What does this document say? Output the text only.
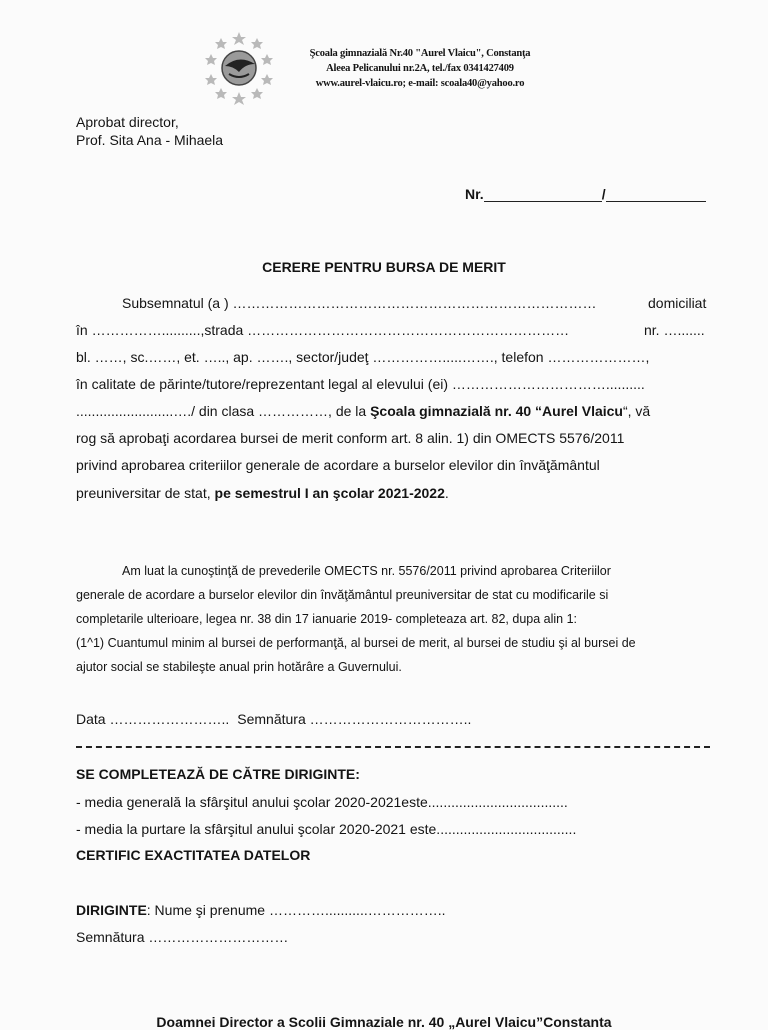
Şcoala gimnazială Nr.40 "Aurel Vlaicu", Constanţa
Aleea Pelicanului nr.2A, tel./fax 0341427409
www.aurel-vlaicu.ro; e-mail: scoala40@yahoo.ro
Aprobat director,
Prof. Sita Ana - Mihaela
Nr.	/
CERERE PENTRU BURSA DE MERIT
Subsemnatul (a ) ……………………………………………………………………	domiciliat
în ……………..........,strada ……………………………………………………………	nr. ….......
bl. ……, sc.……, et. ….., ap. ……., sector/judeţ …………….....……., telefon …………………,
în calitate de părinte/tutore/reprezentant legal al elevului (ei) ……………………………..........
.........................…./ din clasa ……………, de la Şcoala gimnazială nr. 40 “Aurel Vlaicu“, vă
rog să aprobaţi acordarea bursei de merit conform art. 8 alin. 1) din OMECTS 5576/2011
privind aprobarea criteriilor generale de acordare a burselor elevilor din învăţământul
preuniversitar de stat, pe semestrul I an şcolar 2021-2022.
Am luat la cunoştinţă de prevederile OMECTS nr. 5576/2011 privind aprobarea Criteriilor
generale de acordare a burselor elevilor din învăţământul preuniversitar de stat cu modificarile si
completarile ulterioare, legea nr. 38 din 17 ianuarie 2019- completeaza art. 82, dupa alin 1:
(1^1) Cuantumul minim al bursei de performanţă, al bursei de merit, al bursei de studiu şi al bursei de
ajutor social se stabileşte anual prin hotărâre a Guvernului.
Data …………………….. Semnătura ……………………………..
SE COMPLETEAZĂ DE CĂTRE DIRIGINTE:
- media generală la sfârşitul anului şcolar 2020-2021este....................................
- media la purtare la sfârşitul anului şcolar 2020-2021 este....................................
CERTIFIC EXACTITATEA DATELOR
DIRIGINTE: Nume şi prenume …………...........……………..
Semnătura …………………………
Doamnei Director a Scolii Gimnaziale nr. 40 „Aurel Vlaicu”Constanta
